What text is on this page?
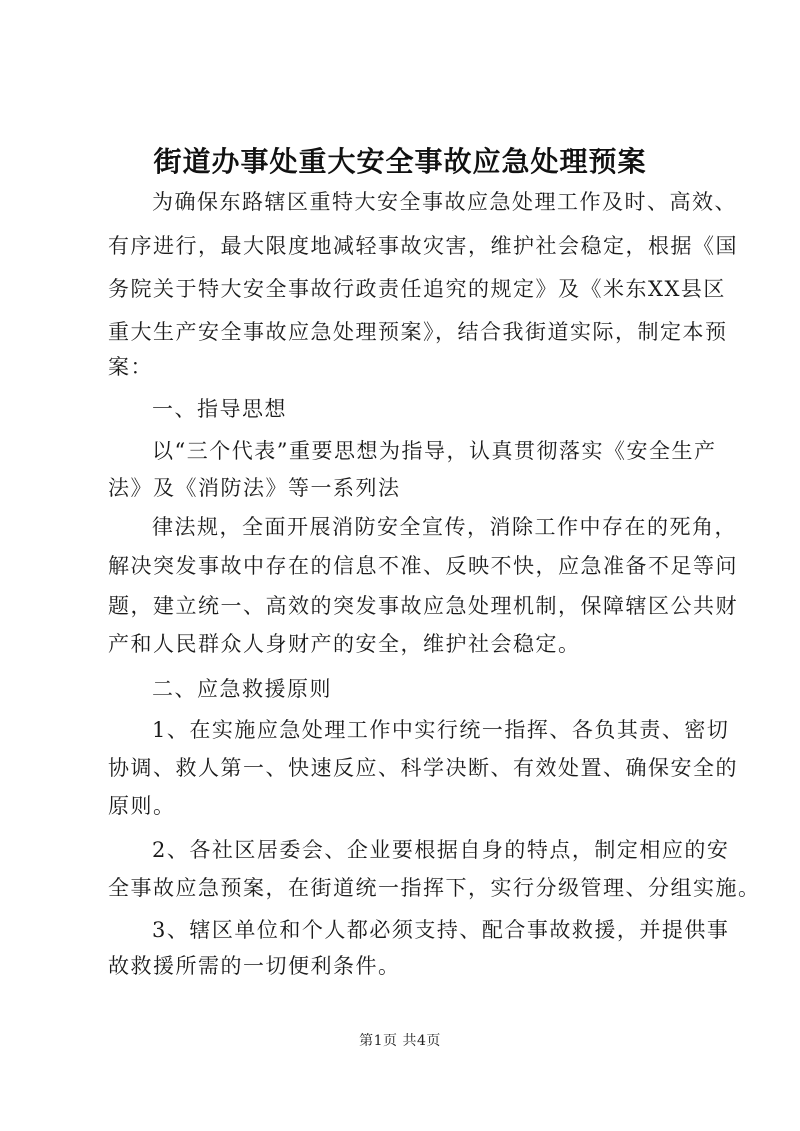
街道办事处重大安全事故应急处理预案
为确保东路辖区重特大安全事故应急处理工作及时、高效、
有序进行，最大限度地减轻事故灾害，维护社会稳定，根据《国
务院关于特大安全事故行政责任追究的规定》及《米东XX县区
重大生产安全事故应急处理预案》，结合我街道实际，制定本预
案：
一、指导思想
以“三个代表”重要思想为指导，认真贯彻落实《安全生产
法》及《消防法》等一系列法
律法规，全面开展消防安全宣传，消除工作中存在的死角，
解决突发事故中存在的信息不准、反映不快，应急准备不足等问
题，建立统一、高效的突发事故应急处理机制，保障辖区公共财
产和人民群众人身财产的安全，维护社会稳定。
二、应急救援原则
1、在实施应急处理工作中实行统一指挥、各负其责、密切
协调、救人第一、快速反应、科学决断、有效处置、确保安全的
原则。
2、各社区居委会、企业要根据自身的特点，制定相应的安
全事故应急预案，在街道统一指挥下，实行分级管理、分组实施。
3、辖区单位和个人都必须支持、配合事故救援，并提供事
故救援所需的一切便利条件。
第1页 共4页
